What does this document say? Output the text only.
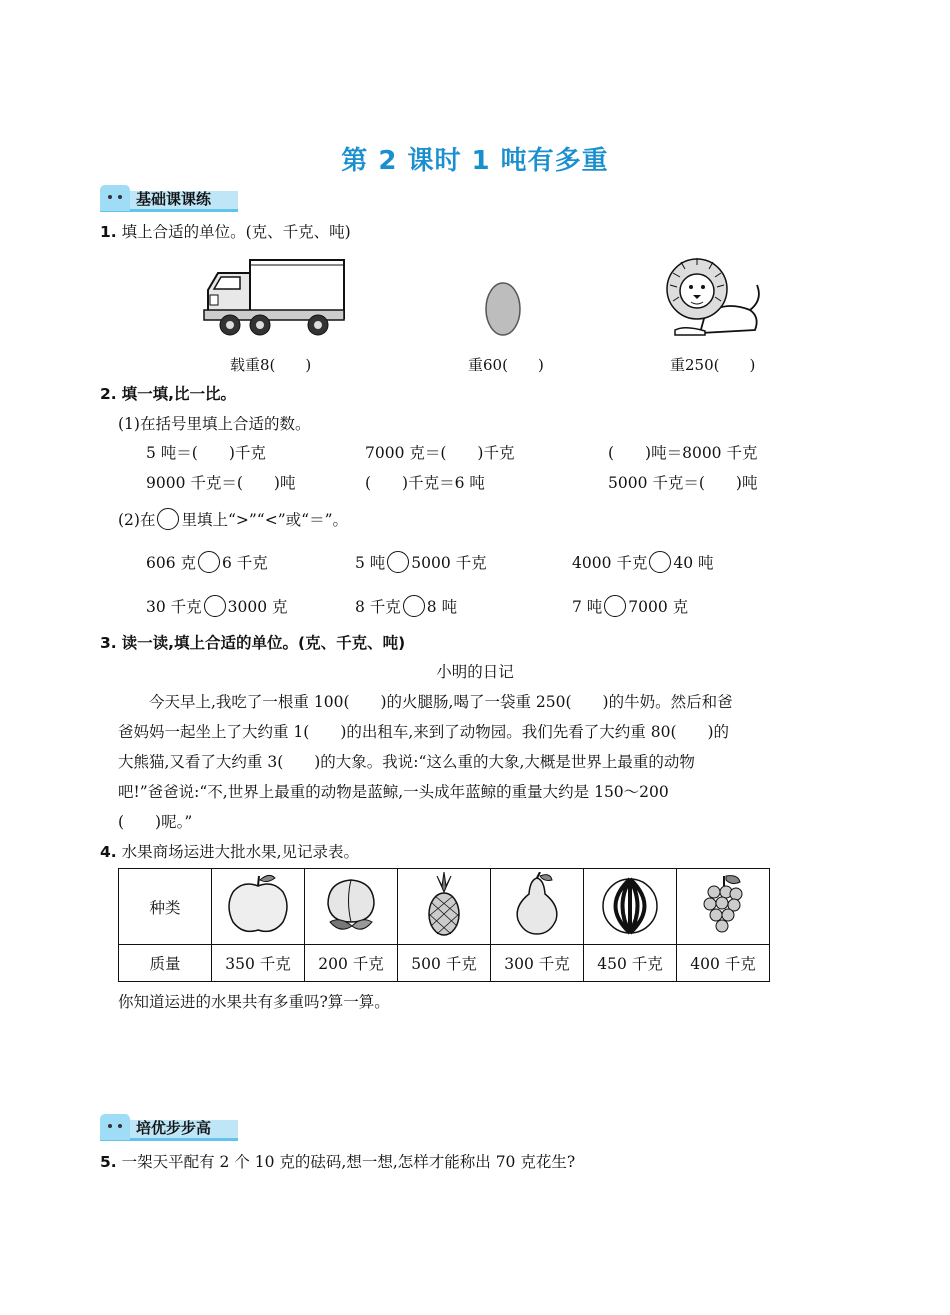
第 2 课时 1 吨有多重
基础课课练
1. 填上合适的单位。(克、千克、吨)
载重8(　　)	重60(　　)	重250(　　)
2. 填一填,比一比。
(1)在括号里填上合适的数。
5 吨＝(　　)千克	7000 克＝(　　)千克	(　　)吨＝8000 千克
9000 千克＝(　　)吨	(　　)千克＝6 吨	5000 千克＝(　　)吨
(2)在 里填上“>”“<”或“＝”。
606 克 6 千克	5 吨 5000 千克	4000 千克 40 吨
30 千克 3000 克	8 千克 8 吨	7 吨 7000 克
3. 读一读,填上合适的单位。(克、千克、吨)
小明的日记
今天早上,我吃了一根重 100(　　)的火腿肠,喝了一袋重 250(　　)的牛奶。然后和爸
爸妈妈一起坐上了大约重 1(　　)的出租车,来到了动物园。我们先看了大约重 80(　　)的
大熊猫,又看了大约重 3(　　)的大象。我说:“这么重的大象,大概是世界上最重的动物
吧!”爸爸说:“不,世界上最重的动物是蓝鲸,一头成年蓝鲸的重量大约是 150～200
(　　)呢。”
4. 水果商场运进大批水果,见记录表。
种类						
质量	350 千克	200 千克	500 千克	300 千克	450 千克	400 千克
你知道运进的水果共有多重吗?算一算。
培优步步高
5. 一架天平配有 2 个 10 克的砝码,想一想,怎样才能称出 70 克花生?
